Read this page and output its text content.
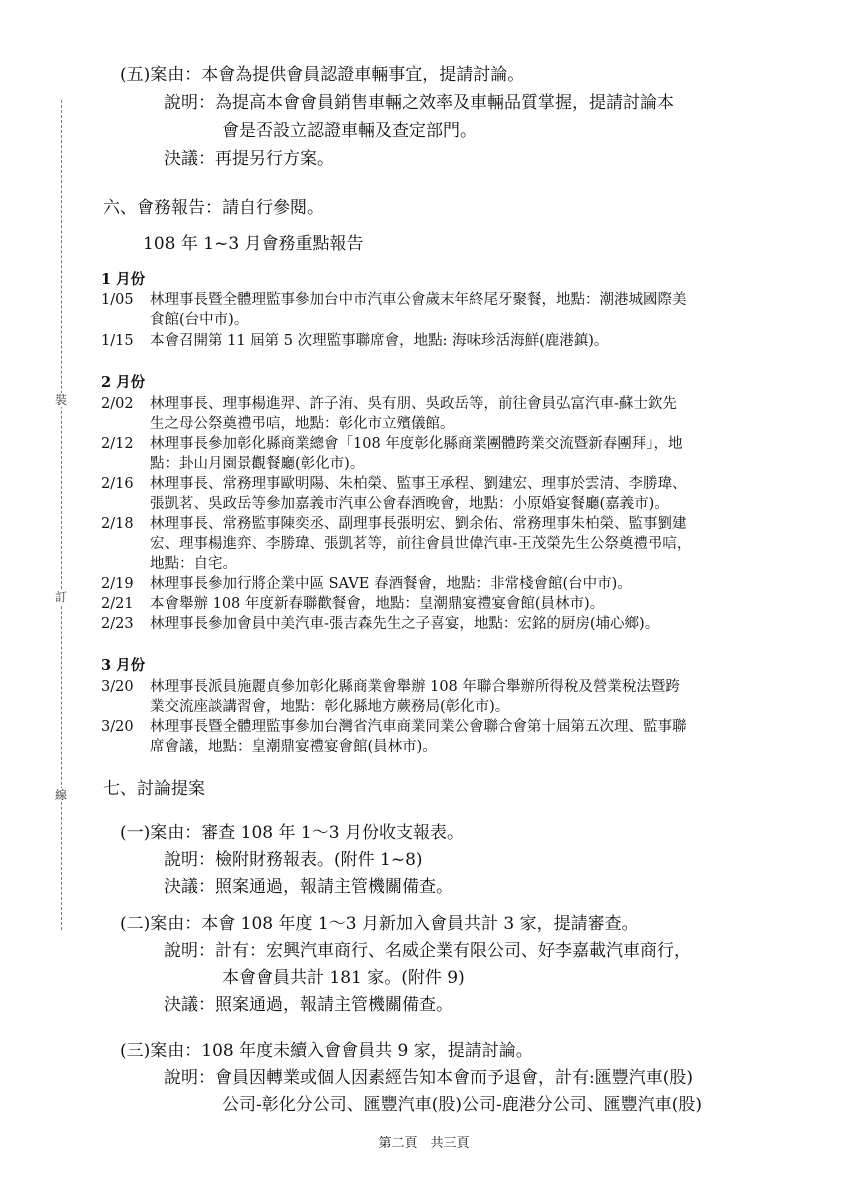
裝
訂
線
(五)案由：本會為提供會員認證車輛事宜，提請討論。
說明：為提高本會會員銷售車輛之效率及車輛品質掌握，提請討論本
會是否設立認證車輛及查定部門。
決議：再提另行方案。
六、會務報告：請自行參閱。
108 年 1~3 月會務重點報告
1 月份
1/05 林理事長暨全體理監事參加台中市汽車公會歲末年終尾牙聚餐，地點：潮港城國際美
食館(台中市)。
1/15 本會召開第 11 屆第 5 次理監事聯席會，地點: 海味珍活海鮮(鹿港鎮)。
2 月份
2/02 林理事長、理事楊進羿、許子洧、吳有朋、吳政岳等，前往會員弘富汽車-蘇士欽先
生之母公祭奠禮弔唁，地點：彰化市立殯儀館。
2/12 林理事長參加彰化縣商業總會「108 年度彰化縣商業團體跨業交流暨新春團拜」，地
點：卦山月園景觀餐廳(彰化市)。
2/16 林理事長、常務理事歐明陽、朱柏榮、監事王承程、劉建宏、理事於雲清、李勝瑋、
張凱茗、吳政岳等參加嘉義市汽車公會春酒晚會，地點：小原婚宴餐廳(嘉義市)。
2/18 林理事長、常務監事陳奕丞、副理事長張明宏、劉余佑、常務理事朱柏榮、監事劉建
宏、理事楊進弈、李勝瑋、張凱茗等，前往會員世偉汽車-王茂榮先生公祭奠禮弔唁，
地點：自宅。
2/19 林理事長參加行將企業中區 SAVE 春酒餐會，地點：非常棧會館(台中市)。
2/21 本會舉辦 108 年度新春聯歡餐會，地點：皇潮鼎宴禮宴會館(員林市)。
2/23 林理事長參加會員中美汽車-張吉森先生之子喜宴，地點：宏銘的厨房(埔心鄉)。
3 月份
3/20 林理事長派員施麗貞參加彰化縣商業會舉辦 108 年聯合舉辦所得稅及營業稅法暨跨
業交流座談講習會，地點：彰化縣地方蕨務局(彰化市)。
3/20 林理事長暨全體理監事參加台灣省汽車商業同業公會聯合會第十屆第五次理、監事聯
席會議，地點：皇潮鼎宴禮宴會館(員林市)。
七、討論提案
(一)案由：審查 108 年 1～3 月份收支報表。
說明：檢附財務報表。(附件 1~8)
決議：照案通過，報請主管機關備查。
(二)案由：本會 108 年度 1～3 月新加入會員共計 3 家，提請審查。
說明：計有：宏興汽車商行、名威企業有限公司、好李嘉載汽車商行，
本會會員共計 181 家。(附件 9)
決議：照案通過，報請主管機關備查。
(三)案由：108 年度未續入會會員共 9 家，提請討論。
說明：會員因轉業或個人因素經告知本會而予退會，計有:匯豐汽車(股)
公司-彰化分公司、匯豐汽車(股)公司-鹿港分公司、匯豐汽車(股)
第二頁　共三頁
